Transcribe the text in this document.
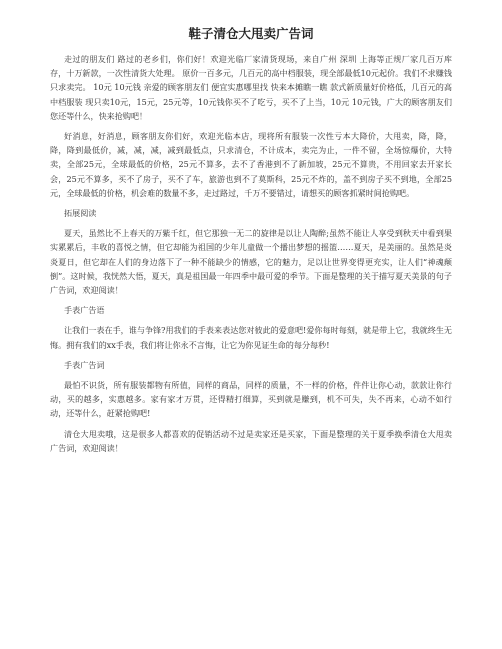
鞋子清仓大甩卖广告词

走过的朋友们 路过的老乡们，你们好！欢迎光临厂家清货现场，来自广州 深圳 上海等正规厂家几百万库存，十万新款，一次性清货大处理。 原价一百多元，几百元的高中档服装，现全部最低10元起价。我们不求赚钱 只求卖完。 10元 10元钱 亲爱的顾客朋友们 便宜实惠哪里找 快来本摊瞧一瞧 款式新质量好价格低，几百元的高中档服装 现只卖10元，15元，25元等，10元钱你买不了吃亏，买不了上当，10元 10元钱，广大的顾客朋友们您还等什么，快来抢购吧！

好消息，好消息，顾客朋友你们好，欢迎光临本店，现将所有服装一次性亏本大降价，大甩卖，降，降，降，降到最低价，减，减，减，减到最低点，只求清仓，不计成本，卖完为止，一件不留，全场惊爆价，大特卖，全部25元，全球最低的价格，25元不算多，去不了香港到不了新加坡，25元不算贵，不用回家去开家长会，25元不算多，买不了房子，买不了车，旅游也到不了莫斯科，25元不炸的，盖不到房子买不到地，全部25元，全球最低的价格，机会难的数量不多，走过路过，千万不要错过，请想买的顾客抓紧时间抢购吧。

拓展阅读

夏天，虽然比不上春天的万紫千红，但它那独一无二的旋律是以让人陶醉;虽然不能让人享受到秋天中看到果实累累后，丰收的喜悦之情，但它却能为祖国的少年儿童做一个播出梦想的摇篮……夏天，是美丽的。虽然是炎炎夏日，但它却在人们的身边落下了一种不能缺少的情感，它的魅力，足以让世界变得更充实，让人们“神魂颠倒”。这时候，我恍然大悟，夏天，真是祖国最一年四季中最可爱的季节。下面是整理的关于描写夏天美景的句子广告词，欢迎阅读！

手表广告语

让我们一表在手，谁与争锋?用我们的手表来表达您对彼此的爱意吧!爱你每时每刻，就是带上它，我就终生无悔。拥有我们的xx手表，我们将让你永不言悔，让它为你见证生命的每分每秒!

手表广告词

最怕不识货，所有服装都物有所值，同样的商品，同样的质量，不一样的价格，件件让你心动，款款让你行动，买的越多，实惠越多。家有家才万贯，还得精打细算，买到就是赚到，机不可失，失不再来，心动不如行动，还等什么，赶紧抢购吧!

清仓大甩卖哦，这是很多人都喜欢的促销活动不过是卖家还是买家，下面是整理的关于夏季换季清仓大甩卖广告词，欢迎阅读！
